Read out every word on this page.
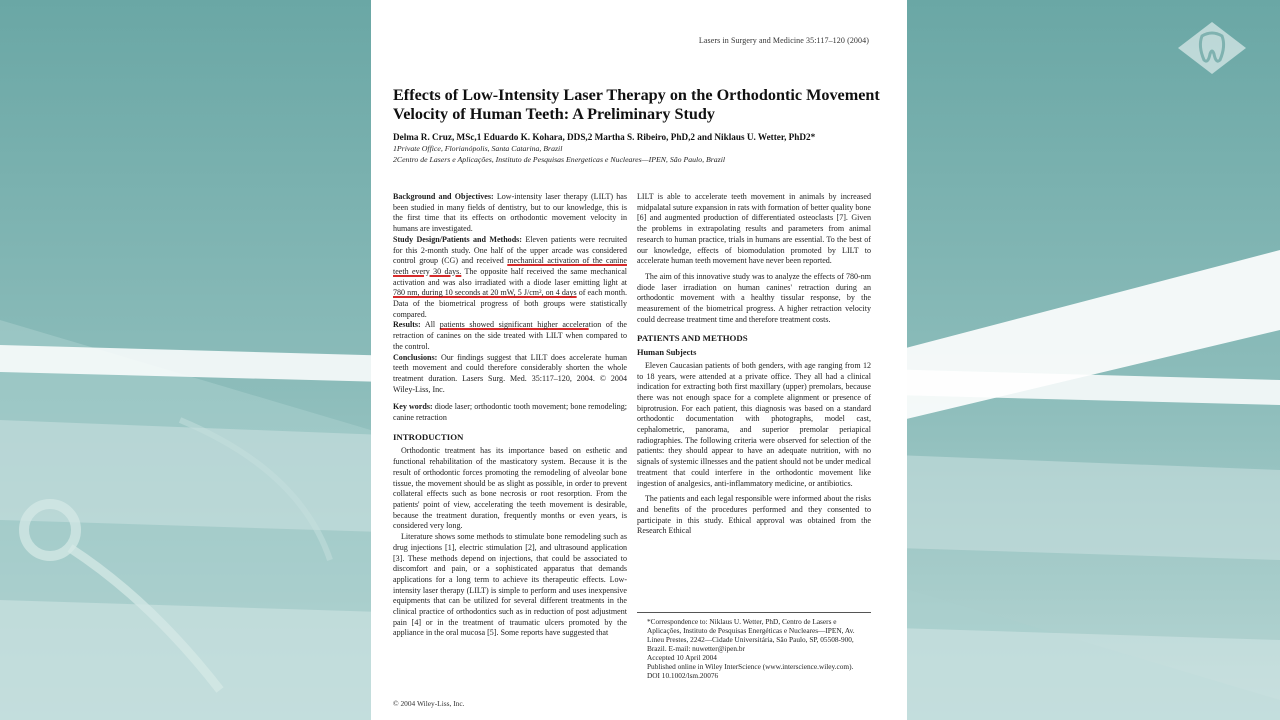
Lasers in Surgery and Medicine 35:117–120 (2004)
Effects of Low-Intensity Laser Therapy on the Orthodontic Movement Velocity of Human Teeth: A Preliminary Study
Delma R. Cruz, MSc,1 Eduardo K. Kohara, DDS,2 Martha S. Ribeiro, PhD,2 and Niklaus U. Wetter, PhD2*
1Private Office, Florianópolis, Santa Catarina, Brazil
2Centro de Lasers e Aplicações, Instituto de Pesquisas Energeticas e Nucleares—IPEN, São Paulo, Brazil

Background and Objectives: Low-intensity laser therapy (LILT) has been studied in many fields of dentistry, but to our knowledge, this is the first time that its effects on orthodontic movement velocity in humans are investigated.

Study Design/Patients and Methods: Eleven patients were recruited for this 2-month study. One half of the upper arcade was considered control group (CG) and received mechanical activation of the canine teeth every 30 days. The opposite half received the same mechanical activation and was also irradiated with a diode laser emitting light at 780 nm, during 10 seconds at 20 mW, 5 J/cm², on 4 days of each month. Data of the biometrical progress of both groups were statistically compared.

Results: All patients showed significant higher acceleration of the retraction of canines on the side treated with LILT when compared to the control.

Conclusions: Our findings suggest that LILT does accelerate human teeth movement and could therefore considerably shorten the whole treatment duration. Lasers Surg. Med. 35:117–120, 2004. © 2004 Wiley-Liss, Inc.

Key words: diode laser; orthodontic tooth movement; bone remodeling; canine retraction

INTRODUCTION

Orthodontic treatment has its importance based on esthetic and functional rehabilitation of the masticatory system. Because it is the result of orthodontic forces promoting the remodeling of alveolar bone tissue, the movement should be as slight as possible, in order to prevent collateral effects such as bone necrosis or root resorption. From the patients' point of view, accelerating the teeth movement is desirable, because the treatment duration, frequently months or even years, is considered very long.

Literature shows some methods to stimulate bone remodeling such as drug injections [1], electric stimulation [2], and ultrasound application [3]. These methods depend on injections, that could be associated to discomfort and pain, or a sophisticated apparatus that demands applications for a long term to achieve its therapeutic effects. Low-intensity laser therapy (LILT) is simple to perform and uses inexpensive equipments that can be utilized for several different treatments in the clinical practice of orthodontics such as in reduction of post adjustment pain [4] or in the treatment of traumatic ulcers promoted by the appliance in the oral mucosa [5]. Some reports have suggested that

LILT is able to accelerate teeth movement in animals by increased midpalatal suture expansion in rats with formation of better quality bone [6] and augmented production of differentiated osteoclasts [7]. Given the problems in extrapolating results and parameters from animal research to human practice, trials in humans are essential. To the best of our knowledge, effects of biomodulation promoted by LILT to accelerate human teeth movement have never been reported.

The aim of this innovative study was to analyze the effects of 780-nm diode laser irradiation on human canines' retraction during an orthodontic movement with a healthy tissular response, by the measurement of the biometrical progress. A higher retraction velocity could decrease treatment time and therefore treatment costs.

PATIENTS AND METHODS
Human Subjects

Eleven Caucasian patients of both genders, with age ranging from 12 to 18 years, were attended at a private office. They all had a clinical indication for extracting both first maxillary (upper) premolars, because there was not enough space for a complete alignment or presence of biprotrusion. For each patient, this diagnosis was based on a standard orthodontic documentation with photographs, model cast, cephalometric, panorama, and superior premolar periapical radiographies. The following criteria were observed for selection of the patients: they should appear to have an adequate nutrition, with no signals of systemic illnesses and the patient should not be under medical treatment that could interfere in the orthodontic movement like ingestion of analgesics, anti-inflammatory medicine, or antibiotics.

The patients and each legal responsible were informed about the risks and benefits of the procedures performed and they consented to participate in this study. Ethical approval was obtained from the Research Ethical

*Correspondence to: Niklaus U. Wetter, PhD, Centro de Lasers e Aplicações, Instituto de Pesquisas Energéticas e Nucleares—IPEN, Av. Lineu Prestes, 2242—Cidade Universitária, São Paulo, SP, 05508-900, Brazil. E-mail: nuwetter@ipen.br

Accepted 10 April 2004

Published online in Wiley InterScience (www.interscience.wiley.com).

DOI 10.1002/lsm.20076

© 2004 Wiley-Liss, Inc.
